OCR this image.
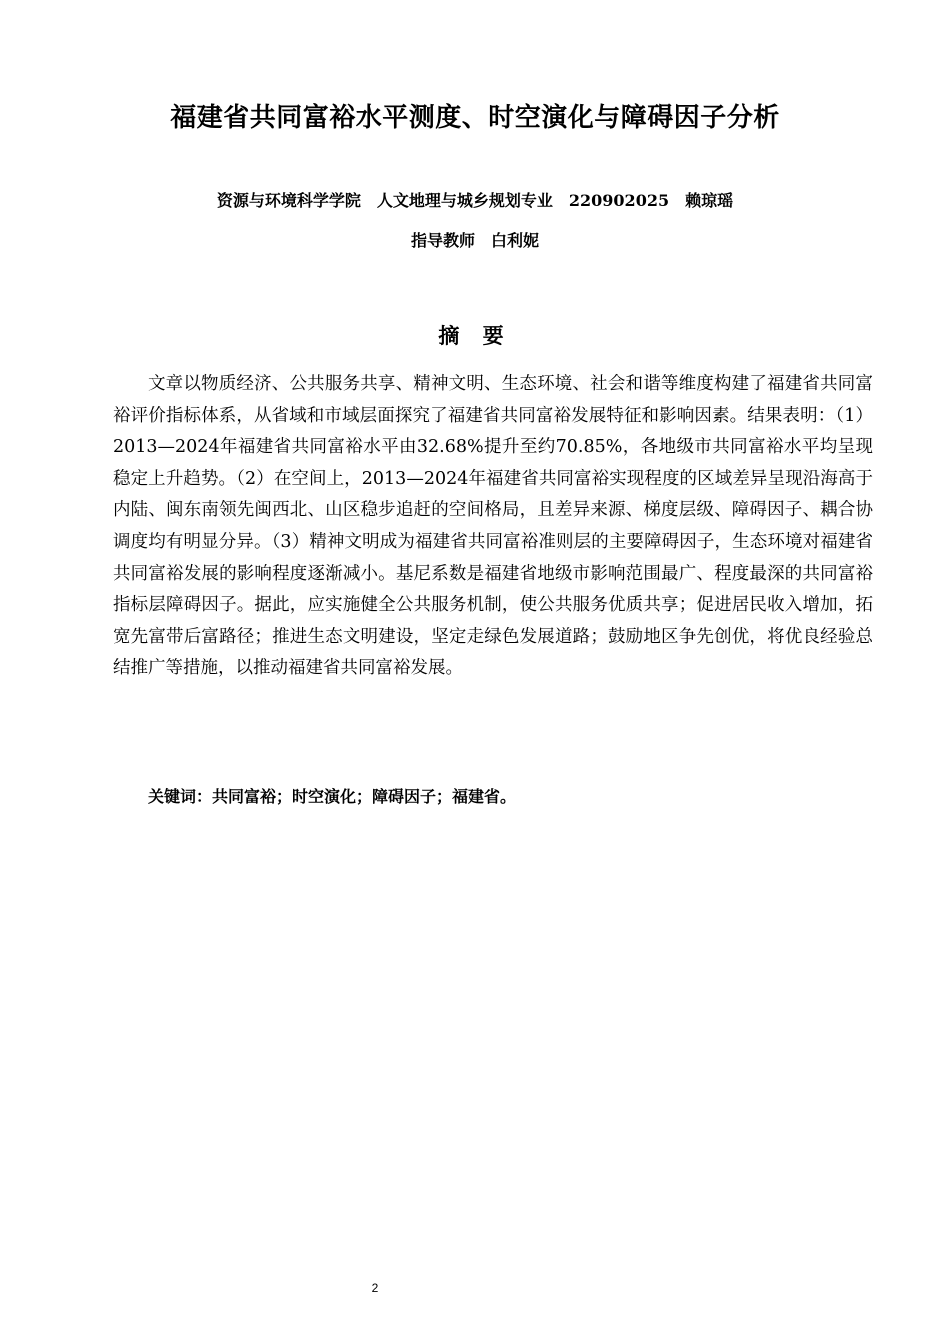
福建省共同富裕水平测度、时空演化与障碍因子分析
资源与环境科学学院　人文地理与城乡规划专业　220902025　赖琼瑶
指导教师　白利妮
摘 要

文章以物质经济、公共服务共享、精神文明、生态环境、社会和谐等维度构建了福建省共同富裕评价指标体系，从省域和市域层面探究了福建省共同富裕发展特征和影响因素。结果表明：（1）2013—2024年福建省共同富裕水平由32.68%提升至约70.85%，各地级市共同富裕水平均呈现稳定上升趋势。（2）在空间上，2013—2024年福建省共同富裕实现程度的区域差异呈现沿海高于内陆、闽东南领先闽西北、山区稳步追赶的空间格局，且差异来源、梯度层级、障碍因子、耦合协调度均有明显分异。（3）精神文明成为福建省共同富裕准则层的主要障碍因子，生态环境对福建省共同富裕发展的影响程度逐渐减小。基尼系数是福建省地级市影响范围最广、程度最深的共同富裕指标层障碍因子。据此，应实施健全公共服务机制，使公共服务优质共享；促进居民收入增加，拓宽先富带后富路径；推进生态文明建设，坚定走绿色发展道路；鼓励地区争先创优，将优良经验总结推广等措施，以推动福建省共同富裕发展。

关键词：共同富裕；时空演化；障碍因子；福建省。
2
